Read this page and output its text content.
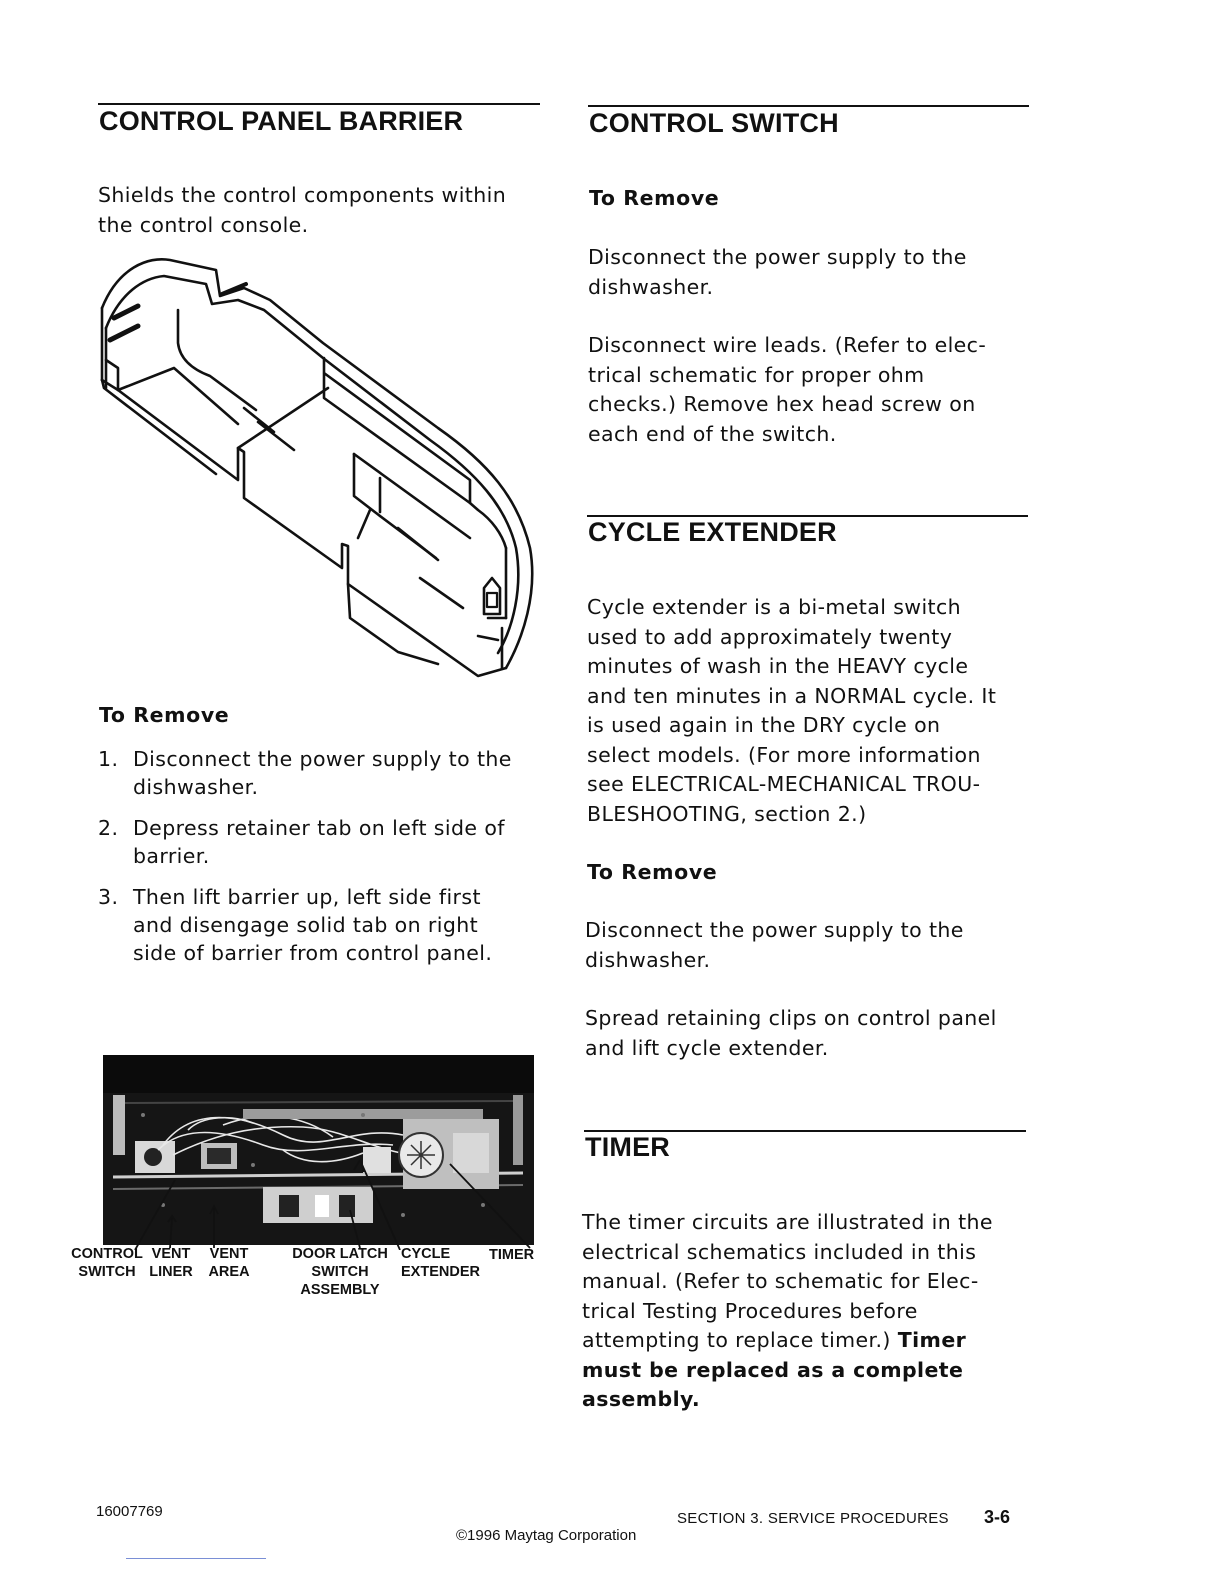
CONTROL PANEL BARRIER
Shields the control components within
the control console.
To Remove
1. Disconnect the power supply to the
dishwasher.
2. Depress retainer tab on left side of
barrier.
3. Then lift barrier up, left side first
and disengage solid tab on right
side of barrier from control panel.
CONTROL
SWITCH
VENT
LINER
VENT
AREA
DOOR LATCH
SWITCH
ASSEMBLY
CYCLE
EXTENDER
TIMER
CONTROL SWITCH
To Remove
Disconnect the power supply to the
dishwasher.
Disconnect wire leads. (Refer to elec-
trical schematic for proper ohm
checks.) Remove hex head screw on
each end of the switch.
CYCLE EXTENDER
Cycle extender is a bi-metal switch
used to add approximately twenty
minutes of wash in the HEAVY cycle
and ten minutes in a NORMAL cycle. It
is used again in the DRY cycle on
select models. (For more information
see ELECTRICAL-MECHANICAL TROU-
BLESHOOTING, section 2.)
To Remove
Disconnect the power supply to the
dishwasher.
Spread retaining clips on control panel
and lift cycle extender.
TIMER
The timer circuits are illustrated in the
electrical schematics included in this
manual. (Refer to schematic for Elec-
trical Testing Procedures before
attempting to replace timer.) Timer
must be replaced as a complete
assembly.
16007769	SECTION 3. SERVICE PROCEDURES 3-6
©1996 Maytag Corporation
